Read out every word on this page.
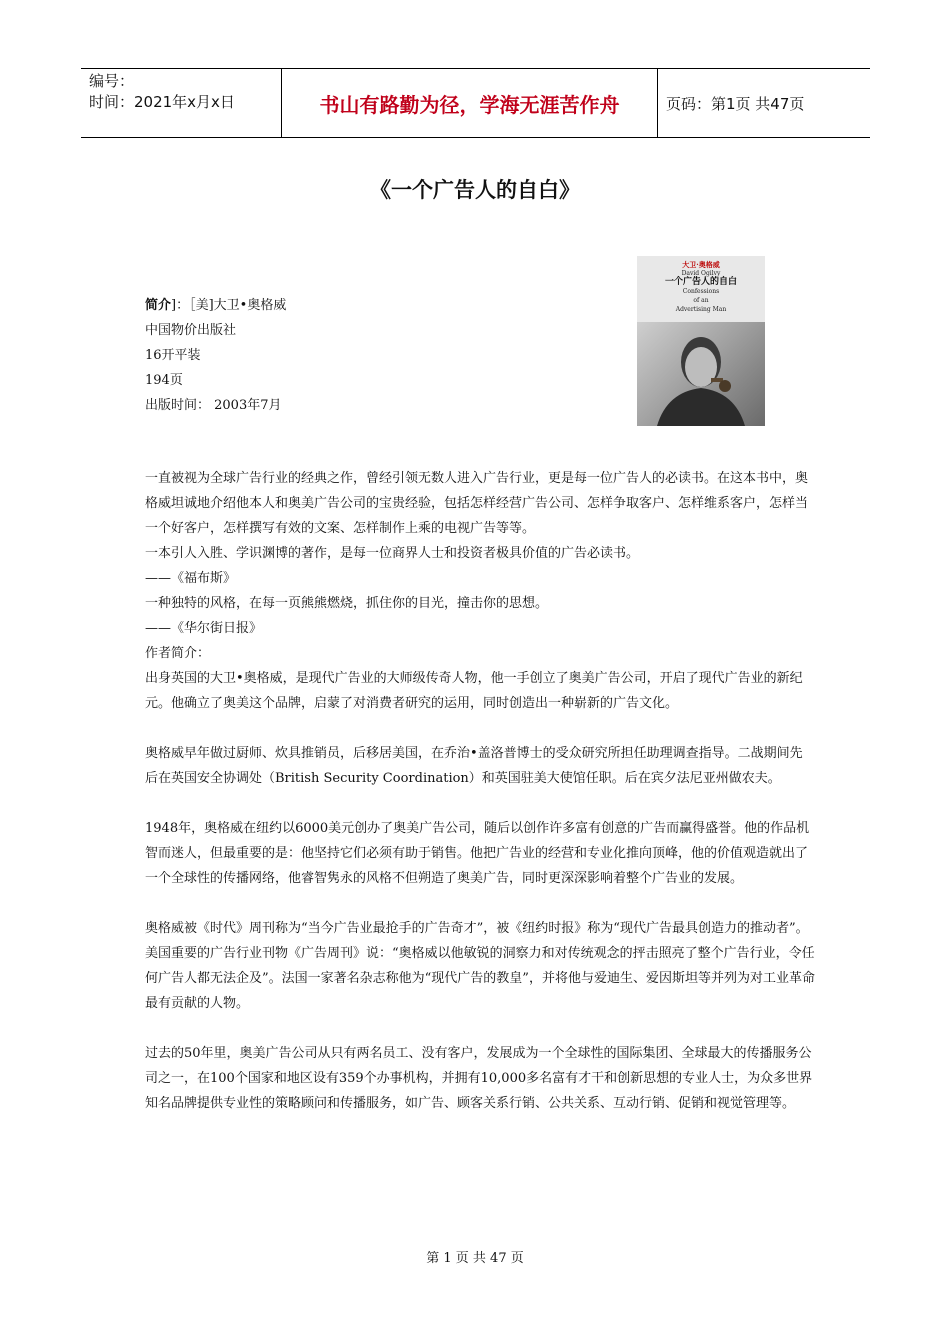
编号：
时间：2021年x月x日	书山有路勤为径，学海无涯苦作舟	页码：第1页 共47页
《一个广告人的自白》
简介]：［美]大卫•奥格威
中国物价出版社
16开平装
194页
出版时间： 2003年7月
大卫·奥格威
David Ogilvy
一个广告人的自白
Confessions
of an
Advertising Man

一直被视为全球广告行业的经典之作，曾经引领无数人进入广告行业，更是每一位广告人的必读书。在这本书中，奥格威坦诚地介绍他本人和奥美广告公司的宝贵经验，包括怎样经营广告公司、怎样争取客户、怎样维系客户，怎样当一个好客户，怎样撰写有效的文案、怎样制作上乘的电视广告等等。

一本引人入胜、学识渊博的著作，是每一位商界人士和投资者极具价值的广告必读书。

——《福布斯》

一种独特的风格，在每一页熊熊燃烧，抓住你的目光，撞击你的思想。

——《华尔街日报》

作者简介：

出身英国的大卫•奥格威，是现代广告业的大师级传奇人物，他一手创立了奥美广告公司，开启了现代广告业的新纪元。他确立了奥美这个品牌，启蒙了对消费者研究的运用，同时创造出一种崭新的广告文化。

奥格威早年做过厨师、炊具推销员，后移居美国，在乔治•盖洛普博士的受众研究所担任助理调查指导。二战期间先后在英国安全协调处（British Security Coordination）和英国驻美大使馆任职。后在宾夕法尼亚州做农夫。

1948年，奥格威在纽约以6000美元创办了奥美广告公司，随后以创作许多富有创意的广告而赢得盛誉。他的作品机智而迷人，但最重要的是：他坚持它们必须有助于销售。他把广告业的经营和专业化推向顶峰，他的价值观造就出了一个全球性的传播网络，他睿智隽永的风格不但朔造了奥美广告，同时更深深影响着整个广告业的发展。

奥格威被《时代》周刊称为“当今广告业最抢手的广告奇才”，被《纽约时报》称为“现代广告最具创造力的推动者”。美国重要的广告行业刊物《广告周刊》说：“奥格威以他敏锐的洞察力和对传统观念的抨击照亮了整个广告行业，令任何广告人都无法企及”。法国一家著名杂志称他为“现代广告的教皇”，并将他与爱迪生、爱因斯坦等并列为对工业革命最有贡献的人物。

过去的50年里，奥美广告公司从只有两名员工、没有客户，发展成为一个全球性的国际集团、全球最大的传播服务公司之一，在100个国家和地区设有359个办事机构，并拥有10,000多名富有才干和创新思想的专业人士，为众多世界知名品牌提供专业性的策略顾问和传播服务，如广告、顾客关系行销、公共关系、互动行销、促销和视觉管理等。

第 1 页 共 47 页
